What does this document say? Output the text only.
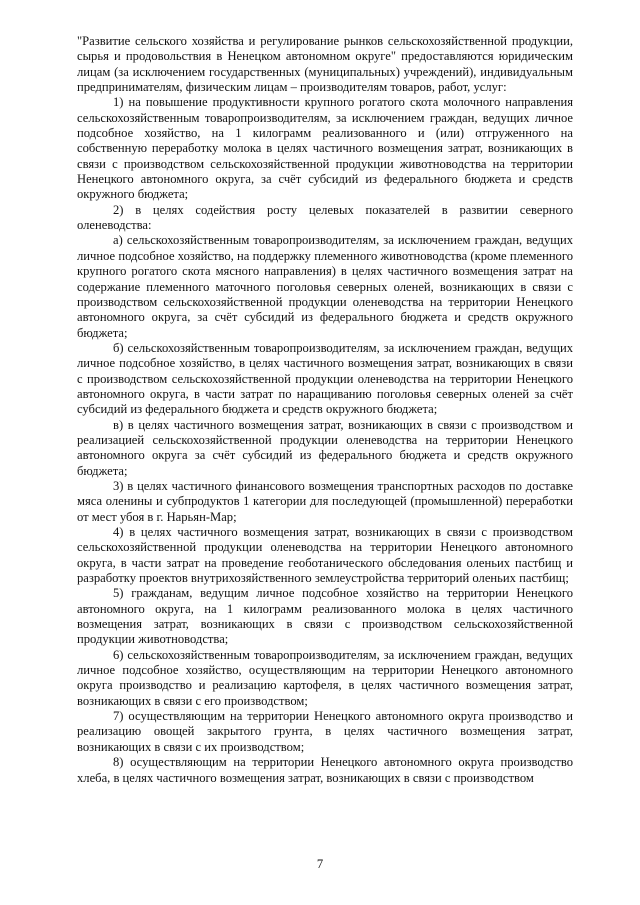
"Развитие сельского хозяйства и регулирование рынков сельскохозяйственной продукции, сырья и продовольствия в Ненецком автономном округе" предоставляются юридическим лицам (за исключением государственных (муниципальных) учреждений), индивидуальным предпринимателям, физическим лицам – производителям товаров, работ, услуг:

1) на повышение продуктивности крупного рогатого скота молочного направления сельскохозяйственным товаропроизводителям, за исключением граждан, ведущих личное подсобное хозяйство, на 1 килограмм реализованного и (или) отгруженного на собственную переработку молока в целях частичного возмещения затрат, возникающих в связи с производством сельскохозяйственной продукции животноводства на территории Ненецкого автономного округа, за счёт субсидий из федерального бюджета и средств окружного бюджета;

2) в целях содействия росту целевых показателей в развитии северного оленеводства:

а) сельскохозяйственным товаропроизводителям, за исключением граждан, ведущих личное подсобное хозяйство, на поддержку племенного животноводства (кроме племенного крупного рогатого скота мясного направления) в целях частичного возмещения затрат на содержание племенного маточного поголовья северных оленей, возникающих в связи с производством сельскохозяйственной продукции оленеводства на территории Ненецкого автономного округа, за счёт субсидий из федерального бюджета и средств окружного бюджета;

б) сельскохозяйственным товаропроизводителям, за исключением граждан, ведущих личное подсобное хозяйство, в целях частичного возмещения затрат, возникающих в связи с производством сельскохозяйственной продукции оленеводства на территории Ненецкого автономного округа, в части затрат по наращиванию поголовья северных оленей за счёт субсидий из федерального бюджета и средств окружного бюджета;

в) в целях частичного возмещения затрат, возникающих в связи с производством и реализацией сельскохозяйственной продукции оленеводства на территории Ненецкого автономного округа за счёт субсидий из федерального бюджета и средств окружного бюджета;

3) в целях частичного финансового возмещения транспортных расходов по доставке мяса оленины и субпродуктов 1 категории для последующей (промышленной) переработки от мест убоя в г. Нарьян-Мар;

4) в целях частичного возмещения затрат, возникающих в связи с производством сельскохозяйственной продукции оленеводства на территории Ненецкого автономного округа, в части затрат на проведение геоботанического обследования оленьих пастбищ и разработку проектов внутрихозяйственного землеустройства территорий оленьих пастбищ;

5) гражданам, ведущим личное подсобное хозяйство на территории Ненецкого автономного округа, на 1 килограмм реализованного молока в целях частичного возмещения затрат, возникающих в связи с производством сельскохозяйственной продукции животноводства;

6) сельскохозяйственным товаропроизводителям, за исключением граждан, ведущих личное подсобное хозяйство, осуществляющим на территории Ненецкого автономного округа производство и реализацию картофеля, в целях частичного возмещения затрат, возникающих в связи с его производством;

7) осуществляющим на территории Ненецкого автономного округа производство и реализацию овощей закрытого грунта, в целях частичного возмещения затрат, возникающих в связи с их производством;

8) осуществляющим на территории Ненецкого автономного округа производство хлеба, в целях частичного возмещения затрат, возникающих в связи с производством

7
